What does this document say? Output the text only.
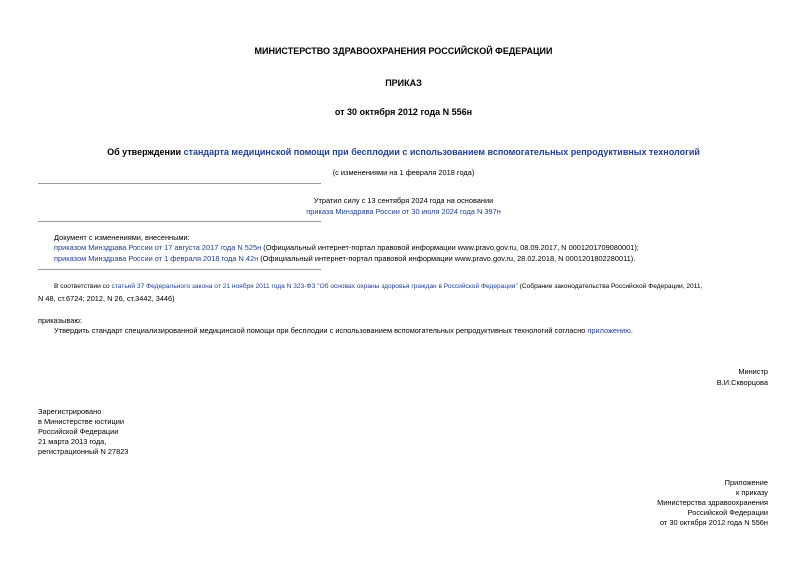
МИНИСТЕРСТВО ЗДРАВООХРАНЕНИЯ РОССИЙСКОЙ ФЕДЕРАЦИИ
ПРИКАЗ
от 30 октября 2012 года N 556н
Об утверждении стандарта медицинской помощи при бесплодии с использованием вспомогательных репродуктивных технологий
(с изменениями на 1 февраля 2018 года)
Утратил силу с 13 сентября 2024 года на основании
приказа Минздрава России от 30 июля 2024 года N 397н
Документ с изменениями, внесенными:
приказом Минздрава России от 17 августа 2017 года N 525н (Официальный интернет-портал правовой информации www.pravo.gov.ru, 08.09.2017, N 0001201709080001);
приказом Минздрава России от 1 февраля 2018 года N 42н (Официальный интернет-портал правовой информации www.pravo.gov.ru, 28.02.2018, N 0001201802280011).
В соответствии со статьей 37 Федерального закона от 21 ноября 2011 года N 323-ФЗ "Об основах охраны здоровья граждан в Российской Федерации" (Собрание законодательства Российской Федерации, 2011,
N 48, ст.6724; 2012, N 26, ст.3442, 3446)
приказываю:
Утвердить стандарт специализированной медицинской помощи при бесплодии с использованием вспомогательных репродуктивных технологий согласно приложению.
Министр
В.И.Скворцова
Зарегистрировано
в Министерстве юстиции
Российской Федерации
21 марта 2013 года,
регистрационный N 27823
Приложение
к приказу
Министерства здравоохранения
Российской Федерации
от 30 октября 2012 года N 556н
